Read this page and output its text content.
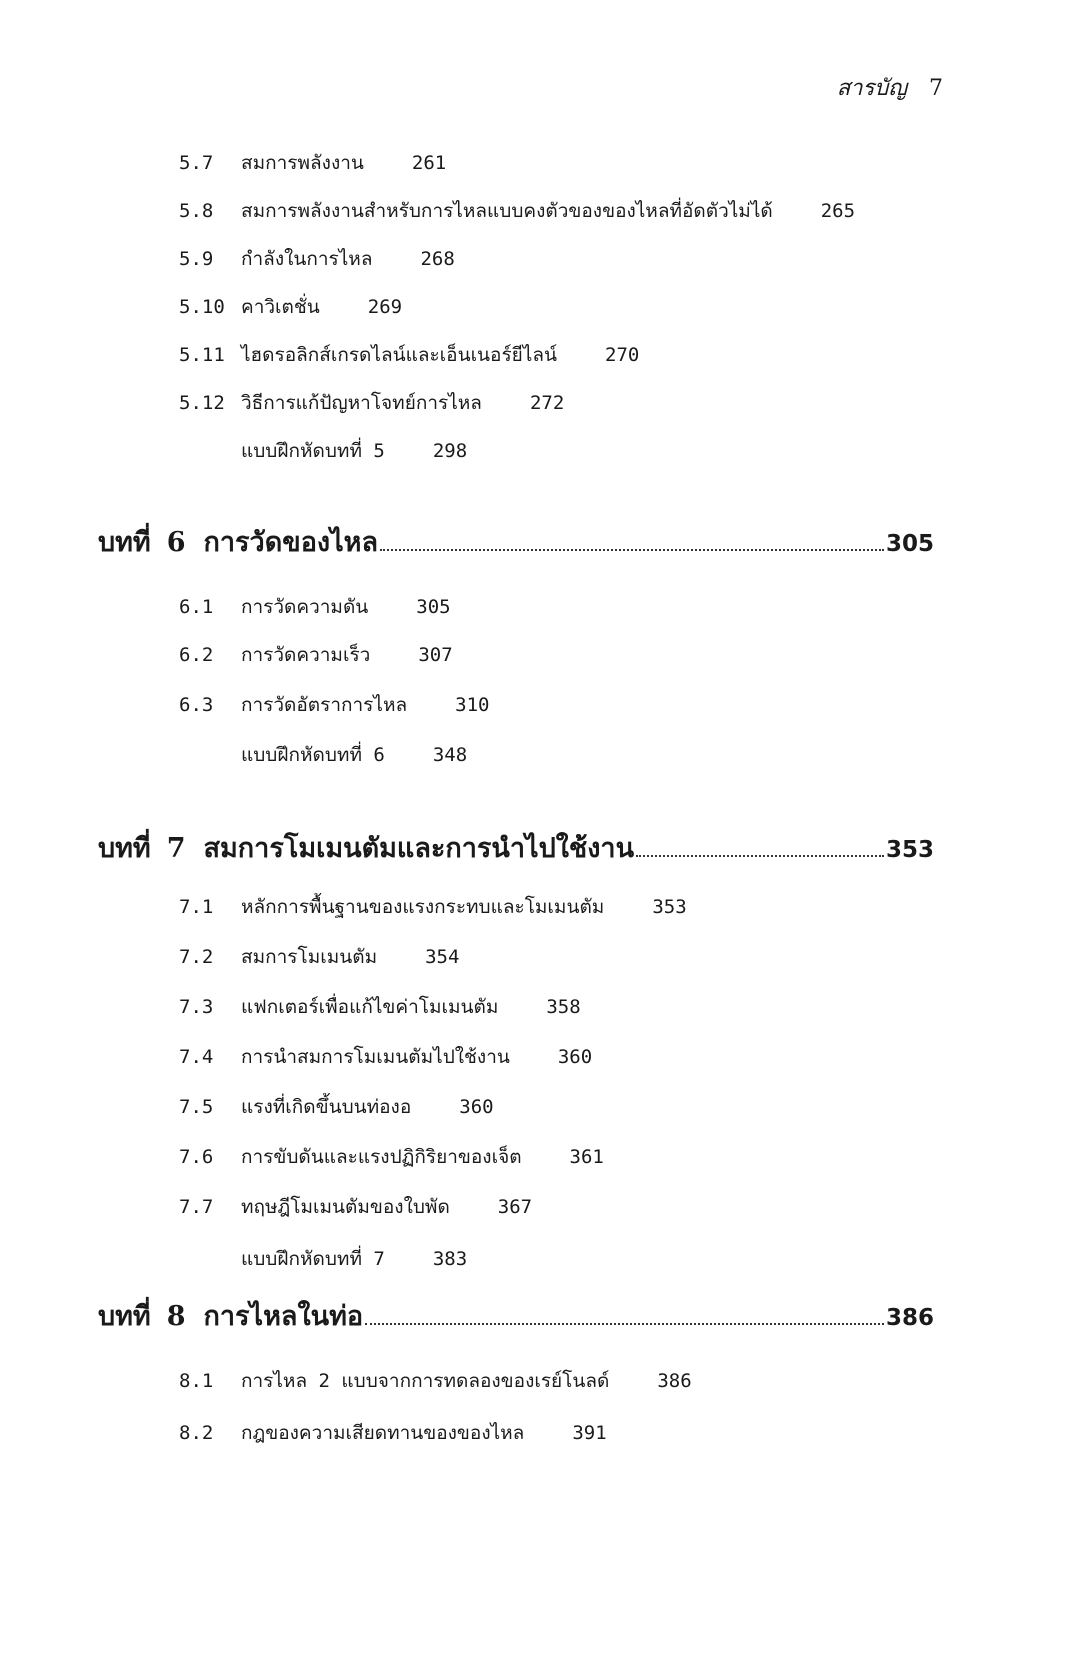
สารบัญ 7
5.7	สมการพลังงาน	261
5.8	สมการพลังงานสำหรับการไหลแบบคงตัวของของไหลที่อัดตัวไม่ได้	265
5.9	กำลังในการไหล	268
5.10 คาวิเตชั่น	269
5.11 ไฮดรอลิกส์เกรดไลน์และเอ็นเนอร์ยีไลน์	270
5.12 วิธีการแก้ปัญหาโจทย์การไหล	272
แบบฝึกหัดบทที่ 5	298
บทที่ 6 การวัดของไหล	305
6.1	การวัดความดัน	305
6.2	การวัดความเร็ว	307
6.3	การวัดอัตราการไหล	310
แบบฝึกหัดบทที่ 6	348
บทที่ 7 สมการโมเมนตัมและการนำไปใช้งาน	353
7.1	หลักการพื้นฐานของแรงกระทบและโมเมนตัม	353
7.2	สมการโมเมนตัม	354
7.3	แฟกเตอร์เพื่อแก้ไขค่าโมเมนตัม	358
7.4	การนำสมการโมเมนตัมไปใช้งาน	360
7.5	แรงที่เกิดขึ้นบนท่องอ	360
7.6	การขับดันและแรงปฏิกิริยาของเจ็ต	361
7.7	ทฤษฎีโมเมนตัมของใบพัด	367
แบบฝึกหัดบทที่ 7	383
บทที่ 8 การไหลในท่อ	386
8.1	การไหล 2 แบบจากการทดลองของเรย์โนลด์	386
8.2	กฎของความเสียดทานของของไหล	391
